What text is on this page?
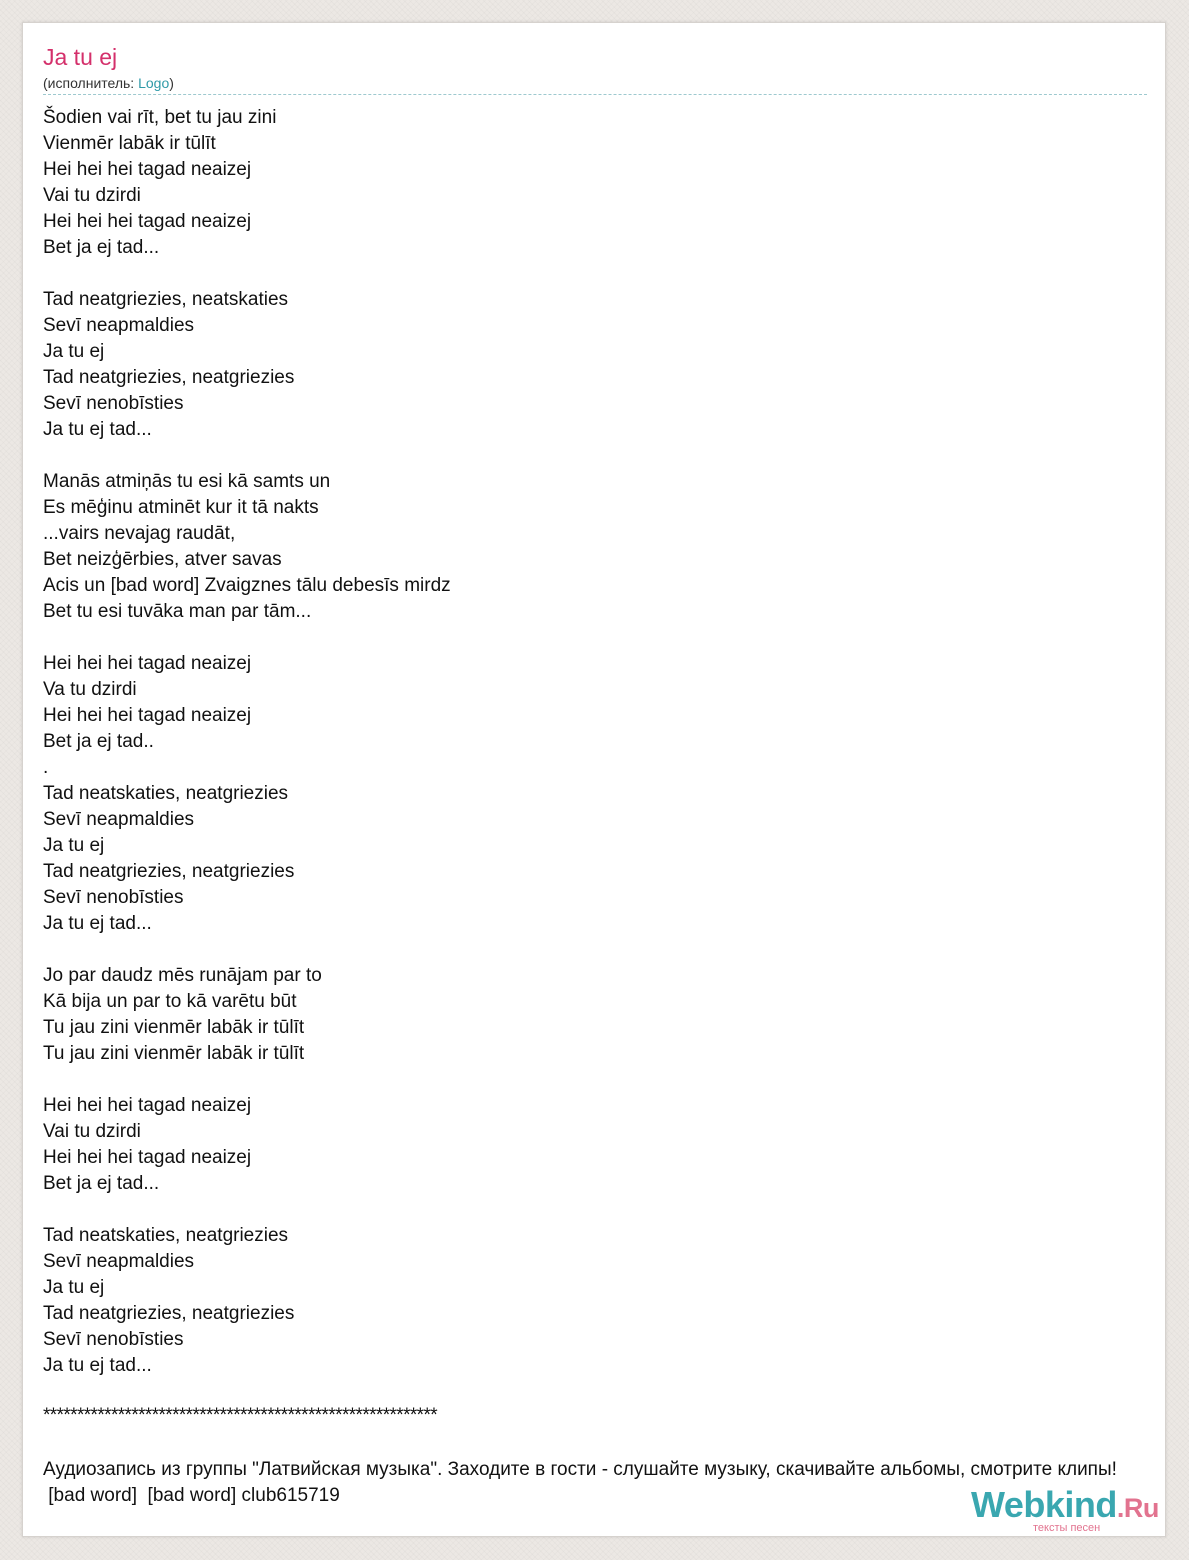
Ja tu ej
(исполнитель: Logo)
Šodien vai rīt, bet tu jau zini
Vienmēr labāk ir tūlīt
Hei hei hei tagad neaizej
Vai tu dzirdi
Hei hei hei tagad neaizej
Bet ja ej tad...
Tad neatgriezies, neatskaties
Sevī neapmaldies
Ja tu ej
Tad neatgriezies, neatgriezies
Sevī nenobīsties
Ja tu ej tad...
Manās atmiņās tu esi kā samts un
Es mēģinu atminēt kur it tā nakts
...vairs nevajag raudāt,
Bet neizģērbies, atver savas
Acis un [bad word] Zvaigznes tālu debesīs mirdz
Bet tu esi tuvāka man par tām...
Hei hei hei tagad neaizej
Va tu dzirdi
Hei hei hei tagad neaizej
Bet ja ej tad..
.
Tad neatskaties, neatgriezies
Sevī neapmaldies
Ja tu ej
Tad neatgriezies, neatgriezies
Sevī nenobīsties
Ja tu ej tad...
Jo par daudz mēs runājam par to
Kā bija un par to kā varētu būt
Tu jau zini vienmēr labāk ir tūlīt
Tu jau zini vienmēr labāk ir tūlīt
Hei hei hei tagad neaizej
Vai tu dzirdi
Hei hei hei tagad neaizej
Bet ja ej tad...
Tad neatskaties, neatgriezies
Sevī neapmaldies
Ja tu ej
Tad neatgriezies, neatgriezies
Sevī nenobīsties
Ja tu ej tad...
**********************************************************
Аудиозапись из группы "Латвийская музыка". Заходите в гости - слушайте музыку, скачивайте альбомы, смотрите клипы!
[bad word]  [bad word] club615719	Webkind.Ru
тексты песен
